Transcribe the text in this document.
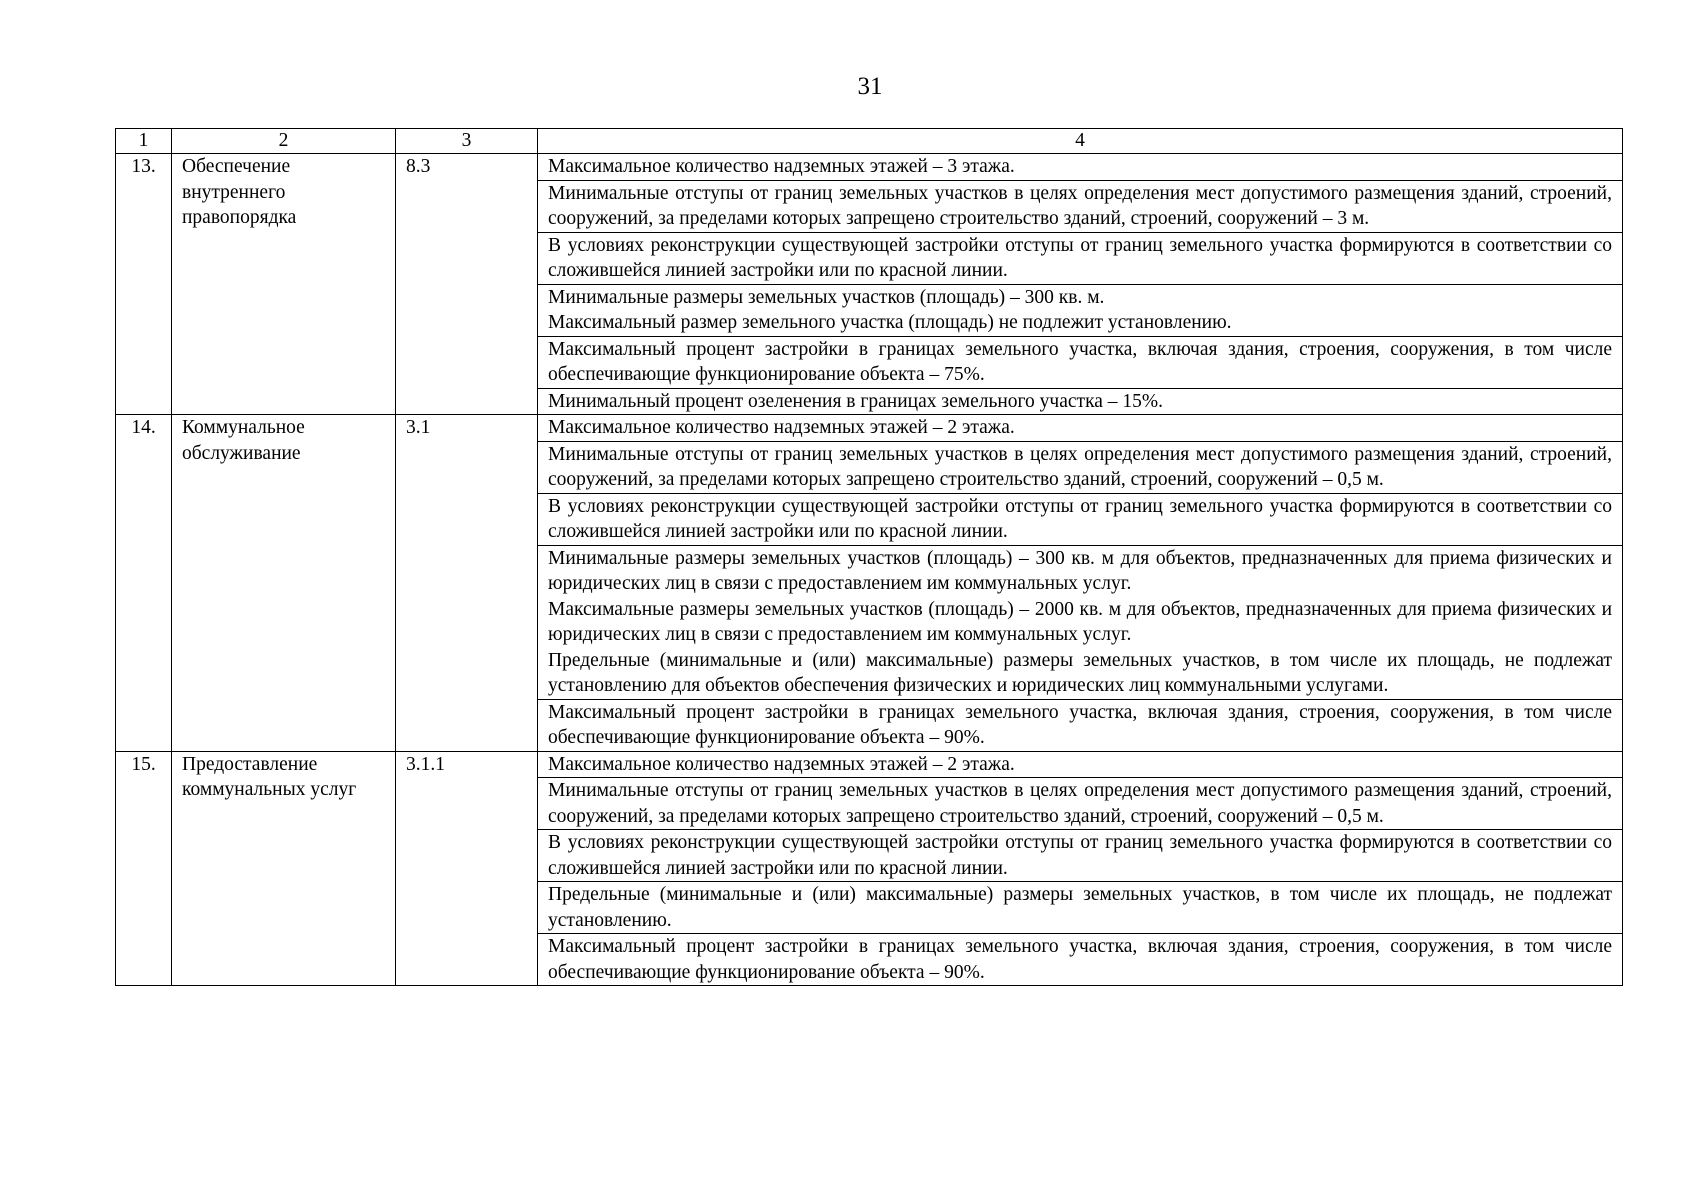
31
1	2	3	4
13.	Обеспечение внутреннего правопорядка	8.3	Максимальное количество надземных этажей – 3 этажа.

			Минимальные отступы от границ земельных участков в целях определения мест допустимого размещения зданий, строений, сооружений, за пределами которых запрещено строительство зданий, строений, сооружений – 3 м.

			В условиях реконструкции существующей застройки отступы от границ земельного участка формируются в соответствии со сложившейся линией застройки или по красной линии.

			Минимальные размеры земельных участков (площадь) – 300 кв. м.
Максимальный размер земельного участка (площадь) не подлежит установлению.

			Максимальный процент застройки в границах земельного участка, включая здания, строения, сооружения, в том числе обеспечивающие функционирование объекта – 75%.

			Минимальный процент озеленения в границах земельного участка – 15%.

14.	Коммунальное обслуживание	3.1	Максимальное количество надземных этажей – 2 этажа.

			Минимальные отступы от границ земельных участков в целях определения мест допустимого размещения зданий, строений, сооружений, за пределами которых запрещено строительство зданий, строений, сооружений – 0,5 м.

			В условиях реконструкции существующей застройки отступы от границ земельного участка формируются в соответствии со сложившейся линией застройки или по красной линии.

			Минимальные размеры земельных участков (площадь) – 300 кв. м для объектов, предназначенных для приема физических и юридических лиц в связи с предоставлением им коммунальных услуг.
Максимальные размеры земельных участков (площадь) – 2000 кв. м для объектов, предназначенных для приема физических и юридических лиц в связи с предоставлением им коммунальных услуг.
Предельные (минимальные и (или) максимальные) размеры земельных участков, в том числе их площадь, не подлежат установлению для объектов обеспечения физических и юридических лиц коммунальными услугами.

			Максимальный процент застройки в границах земельного участка, включая здания, строения, сооружения, в том числе обеспечивающие функционирование объекта – 90%.

15.	Предоставление коммунальных услуг	3.1.1	Максимальное количество надземных этажей – 2 этажа.

			Минимальные отступы от границ земельных участков в целях определения мест допустимого размещения зданий, строений, сооружений, за пределами которых запрещено строительство зданий, строений, сооружений – 0,5 м.

			В условиях реконструкции существующей застройки отступы от границ земельного участка формируются в соответствии со сложившейся линией застройки или по красной линии.

			Предельные (минимальные и (или) максимальные) размеры земельных участков, в том числе их площадь, не подлежат установлению.

			Максимальный процент застройки в границах земельного участка, включая здания, строения, сооружения, в том числе обеспечивающие функционирование объекта – 90%.
